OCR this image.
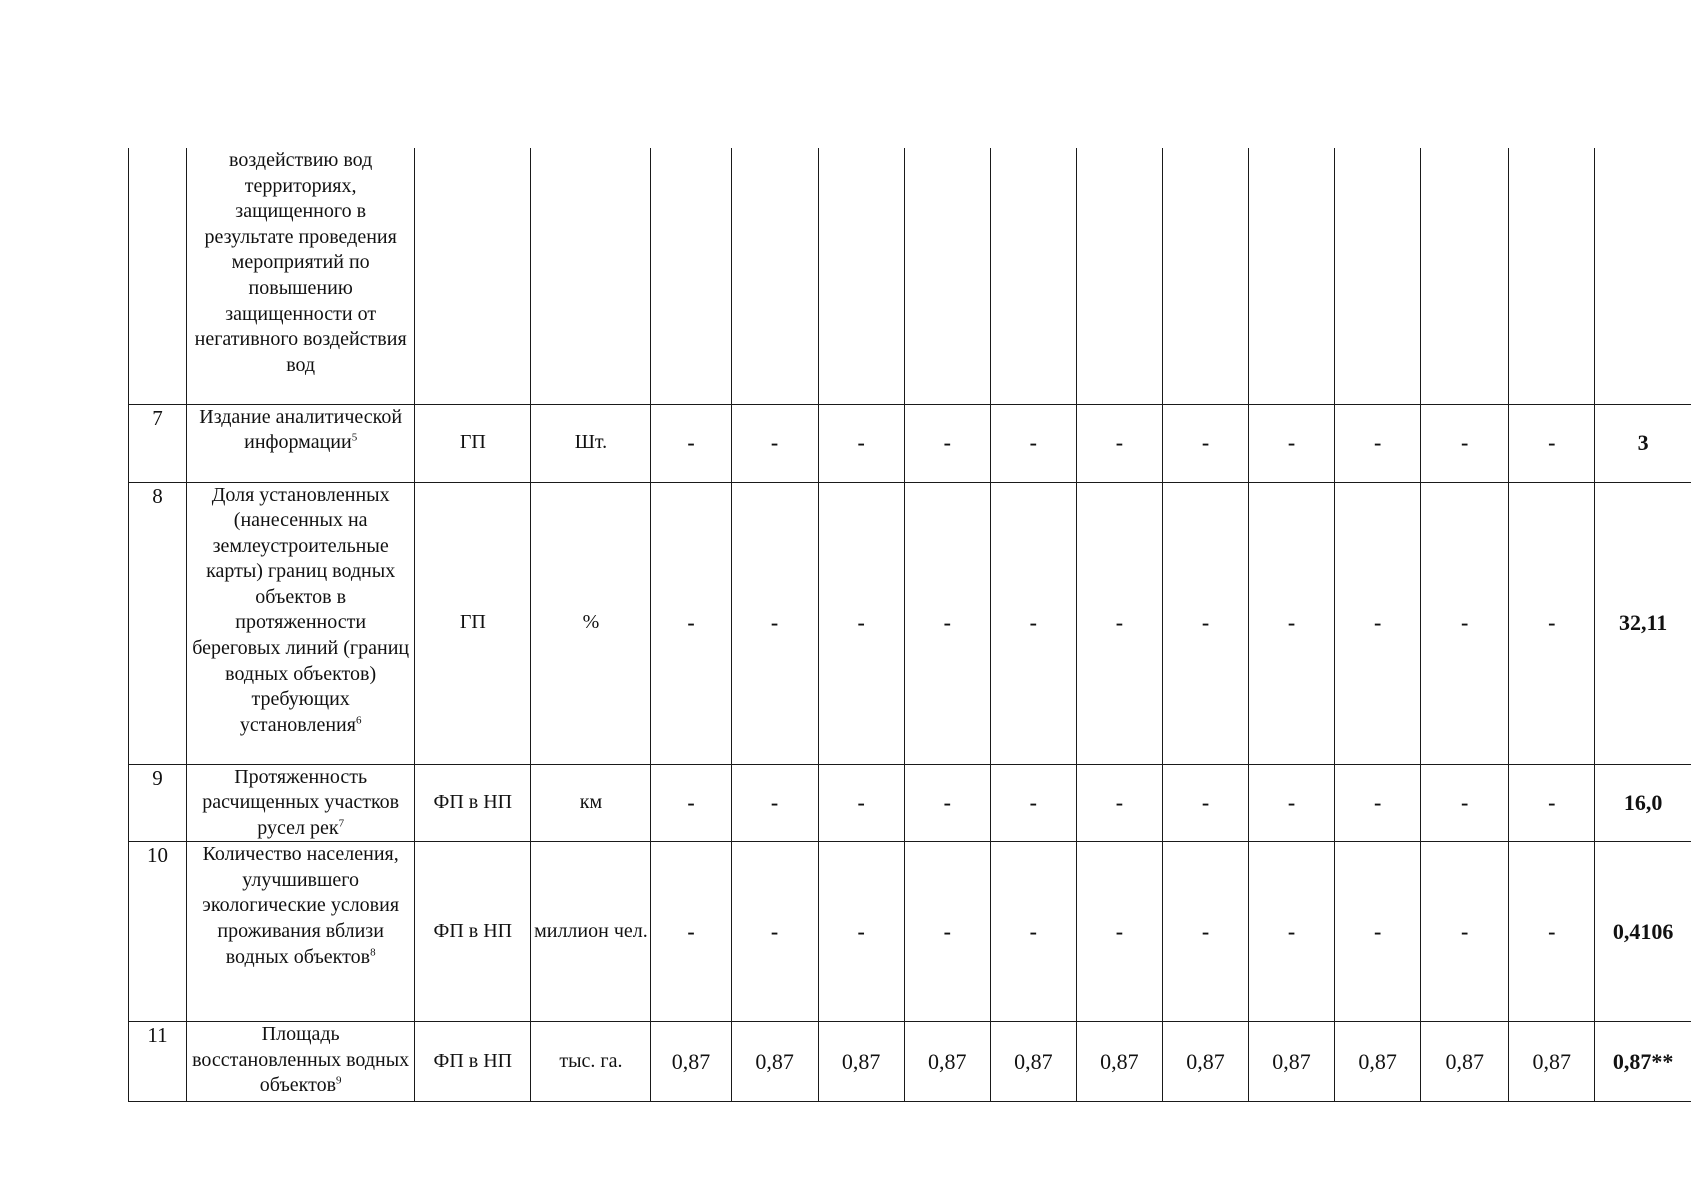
	воздействию вод территориях, защищенного в результате проведения мероприятий по повышению защищенности от негативного воздействия вод														
7	Издание аналитической информации$^5$	ГП	Шт.	-	-	-	-	-	-	-	-	-	-	-	3
8	Доля установленных (нанесенных на землеустроительные карты) границ водных объектов в протяженности береговых линий (границ водных объектов) требующих установления$^6$	ГП	%	-	-	-	-	-	-	-	-	-	-	-	32,11
9	Протяженность расчищенных участков русел рек$^7$	ФП в НП	км	-	-	-	-	-	-	-	-	-	-	-	16,0
10	Количество населения, улучшившего экологические условия проживания вблизи водных объектов$^8$	ФП в НП	миллион чел.	-	-	-	-	-	-	-	-	-	-	-	0,4106
11	Площадь восстановленных водных объектов$^9$	ФП в НП	тыс. га.	0,87	0,87	0,87	0,87	0,87	0,87	0,87	0,87	0,87	0,87	0,87	0,87**
